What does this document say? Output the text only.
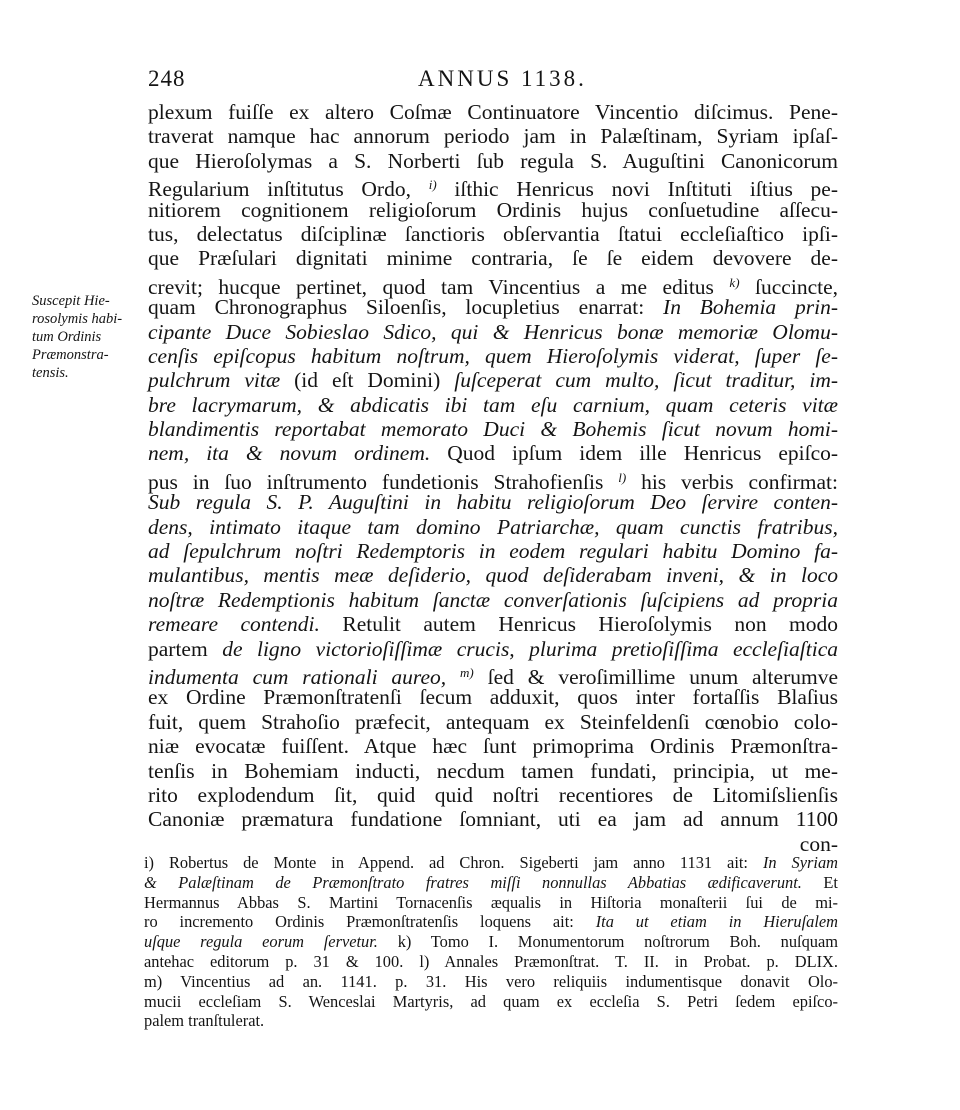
248	ANNUS 1138.
Suscepit Hie-
rosolymis habi-
tum Ordinis
Præmonstra-
tensis.
plexum fuiſſe ex altero Coſmæ Continuatore Vincentio diſcimus. Pene-
traverat namque hac annorum periodo jam in Palæſtinam, Syriam ipſaſ-
que Hieroſolymas a S. Norberti ſub regula S. Auguſtini Canonicorum
Regularium inſtitutus Ordo, $^{i)}$ iſthic Henricus novi Inſtituti iſtius pe-
nitiorem cognitionem religioſorum Ordinis hujus conſuetudine aſſecu-
tus, delectatus diſciplinæ ſanctioris obſervantia ſtatui eccleſiaſtico ipſi-
que Præſulari dignitati minime contraria, ſe ſe eidem devovere de-
crevit; hucque pertinet, quod tam Vincentius a me editus $^{k)}$ ſuccincte,
quam Chronographus Siloenſis, locupletius enarrat: In Bohemia prin-
cipante Duce Sobieslao Sdico, qui & Henricus bonæ memoriæ Olomu-
cenſis epiſcopus habitum noſtrum, quem Hieroſolymis viderat, ſuper ſe-
pulchrum vitæ (id eſt Domini) ſuſceperat cum multo, ſicut traditur, im-
bre lacrymarum, & abdicatis ibi tam eſu carnium, quam ceteris vitæ
blandimentis reportabat memorato Duci & Bohemis ſicut novum homi-
nem, ita & novum ordinem. Quod ipſum idem ille Henricus epiſco-
pus in ſuo inſtrumento fundetionis Strahofienſis $^{l)}$ his verbis confirmat:
Sub regula S. P. Auguſtini in habitu religioſorum Deo ſervire conten-
dens, intimato itaque tam domino Patriarchæ, quam cunctis fratribus,
ad ſepulchrum noſtri Redemptoris in eodem regulari habitu Domino fa-
mulantibus, mentis meæ deſiderio, quod deſiderabam inveni, & in loco
noſtræ Redemptionis habitum ſanctæ converſationis ſuſcipiens ad propria
remeare contendi. Retulit autem Henricus Hieroſolymis non modo
partem de ligno victorioſiſſimæ crucis, plurima pretioſiſſima eccleſiaſtica
indumenta cum rationali aureo, $^{m)}$ ſed & veroſimillime unum alterumve
ex Ordine Præmonſtratenſi ſecum adduxit, quos inter fortaſſis Blaſius
fuit, quem Strahoſio præfecit, antequam ex Steinfeldenſi cœnobio colo-
niæ evocatæ fuiſſent. Atque hæc ſunt primoprima Ordinis Præmonſtra-
tenſis in Bohemiam inducti, necdum tamen fundati, principia, ut me-
rito explodendum ſit, quid quid noſtri recentiores de Litomiſslienſis
Canoniæ præmatura fundatione ſomniant, uti ea jam ad annum 1100
con-
i) Robertus de Monte in Append. ad Chron. Sigeberti jam anno 1131 ait: In Syriam
& Palæſtinam de Præmonſtrato fratres miſſi nonnullas Abbatias ædificaverunt. Et
Hermannus Abbas S. Martini Tornacenſis æqualis in Hiſtoria monaſterii ſui de mi-
ro incremento Ordinis Præmonſtratenſis loquens ait: Ita ut etiam in Hieruſalem
uſque regula eorum ſervetur. k) Tomo I. Monumentorum noſtrorum Boh. nuſquam
antehac editorum p. 31 & 100. l) Annales Præmonſtrat. T. II. in Probat. p. DLIX.
m) Vincentius ad an. 1141. p. 31. His vero reliquiis indumentisque donavit Olo-
mucii eccleſiam S. Wenceslai Martyris, ad quam ex eccleſia S. Petri ſedem epiſco-
palem tranſtulerat.
